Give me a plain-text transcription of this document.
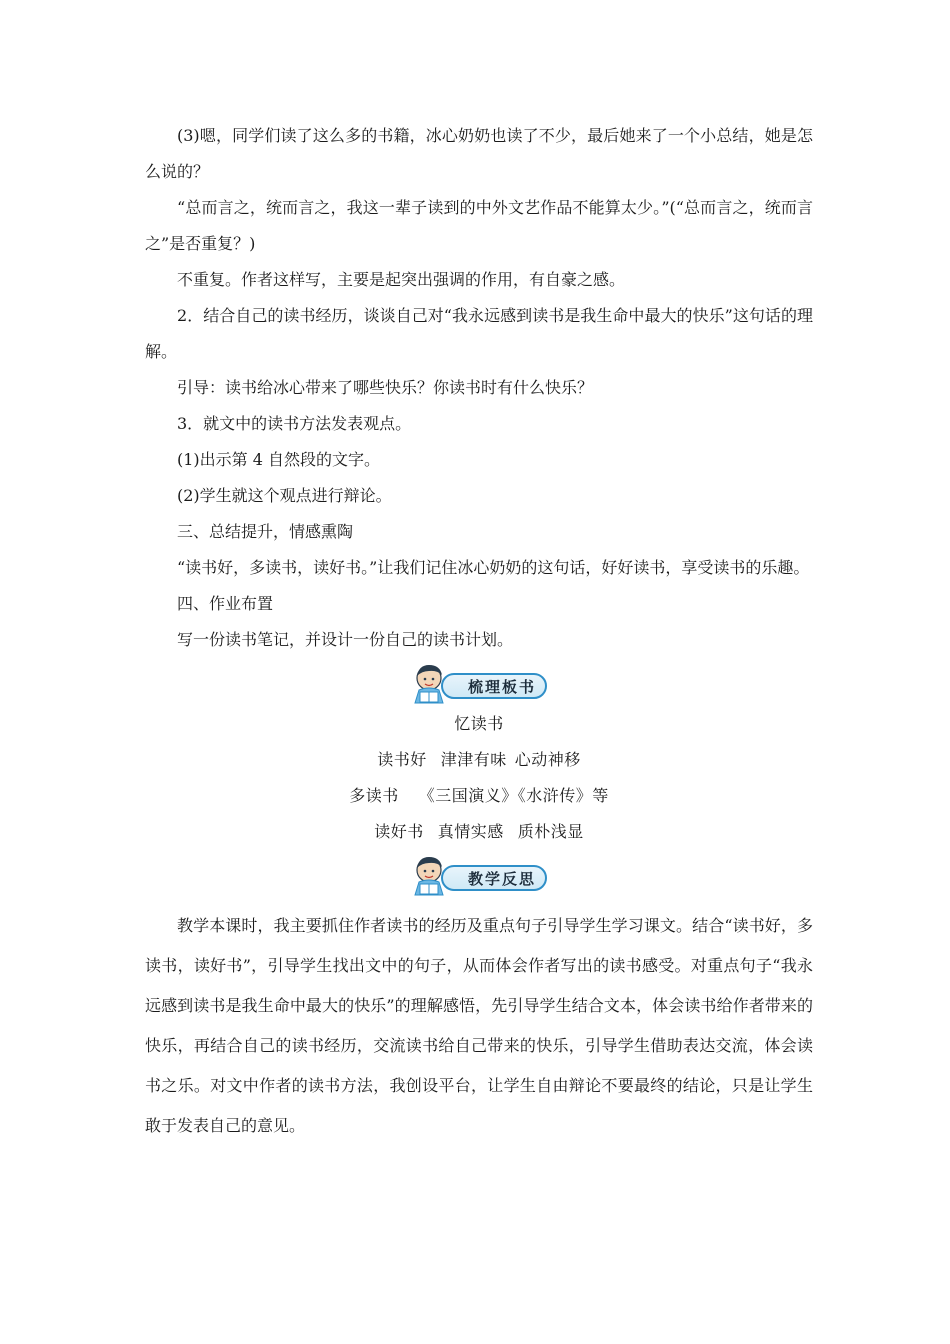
(3)嗯，同学们读了这么多的书籍，冰心奶奶也读了不少，最后她来了一个小总结，她是怎么说的？

“总而言之，统而言之，我这一辈子读到的中外文艺作品不能算太少。”(“总而言之，统而言之”是否重复？)

不重复。作者这样写，主要是起突出强调的作用，有自豪之感。

2．结合自己的读书经历，谈谈自己对“我永远感到读书是我生命中最大的快乐”这句话的理解。

引导：读书给冰心带来了哪些快乐？你读书时有什么快乐？

3．就文中的读书方法发表观点。

(1)出示第 4 自然段的文字。

(2)学生就这个观点进行辩论。

三、总结提升，情感熏陶

“读书好，多读书，读好书。”让我们记住冰心奶奶的这句话，好好读书，享受读书的乐趣。

四、作业布置

写一份读书笔记，并设计一份自己的读书计划。

梳理板书

忆读书

读书好 津津有味 心动神移

多读书 《三国演义》《水浒传》等

读好书 真情实感 质朴浅显

教学反思

教学本课时，我主要抓住作者读书的经历及重点句子引导学生学习课文。结合“读书好，多读书，读好书”，引导学生找出文中的句子，从而体会作者写出的读书感受。对重点句子“我永远感到读书是我生命中最大的快乐”的理解感悟，先引导学生结合文本，体会读书给作者带来的快乐，再结合自己的读书经历，交流读书给自己带来的快乐，引导学生借助表达交流，体会读书之乐。对文中作者的读书方法，我创设平台，让学生自由辩论不要最终的结论，只是让学生敢于发表自己的意见。
